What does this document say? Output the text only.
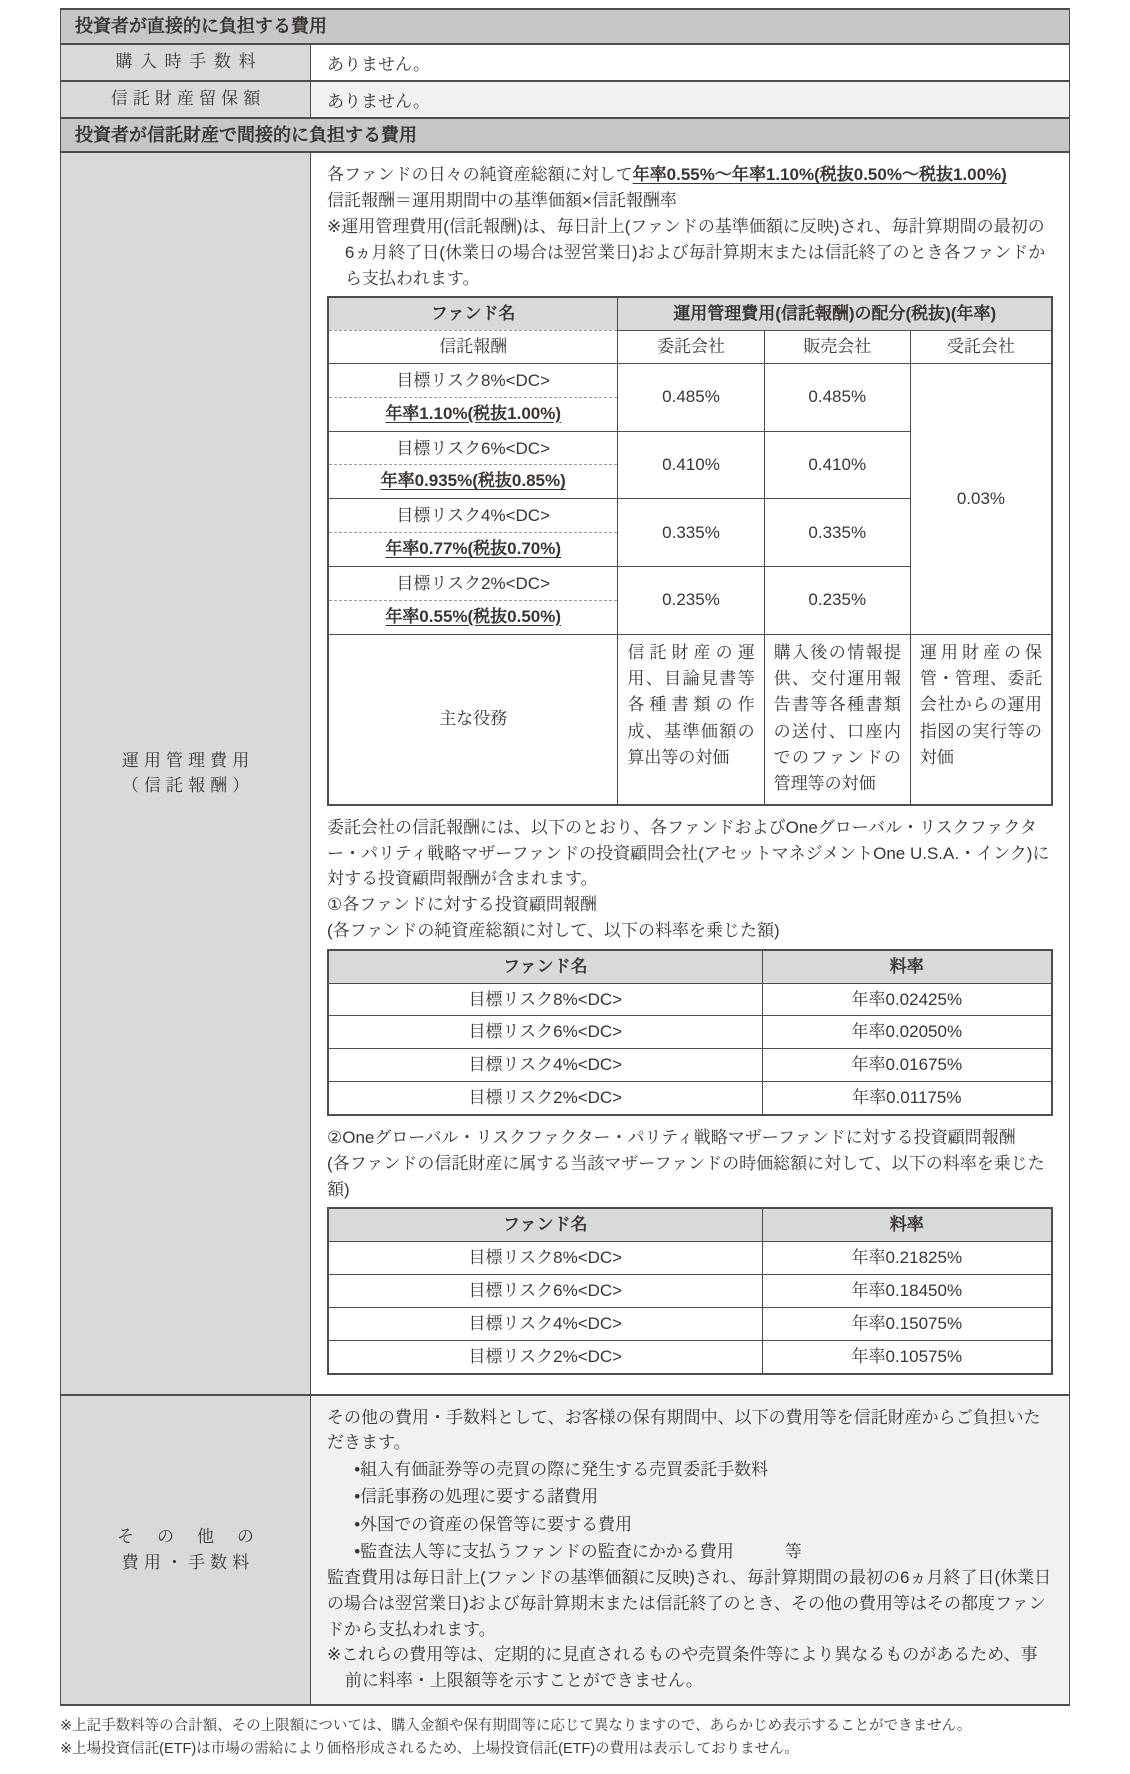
投資者が直接的に負担する費用
購入時手数料	ありません。
信託財産留保額	ありません。
投資者が信託財産で間接的に負担する費用
運用管理費用
（信託報酬）

各ファンドの日々の純資産総額に対して年率0.55%～年率1.10%(税抜0.50%～税抜1.00%)

信託報酬＝運用期間中の基準価額×信託報酬率

※運用管理費用(信託報酬)は、毎日計上(ファンドの基準価額に反映)され、毎計算期間の最初の6ヵ月終了日(休業日の場合は翌営業日)および毎計算期末または信託終了のとき各ファンドから支払われます。

ファンド名	運用管理費用(信託報酬)の配分(税抜)(年率)		
信託報酬	委託会社	販売会社	受託会社

目標リスク8%<DC>
年率1.10%(税抜1.00%)	0.485%	0.485%	0.03%

目標リスク6%<DC>
年率0.935%(税抜0.85%)	0.410%	0.410%	

目標リスク4%<DC>
年率0.77%(税抜0.70%)	0.335%	0.335%	

目標リスク2%<DC>
年率0.55%(税抜0.50%)	0.235%	0.235%	
主な役務	信託財産の運用、目論見書等各種書類の作成、基準価額の算出等の対価	購入後の情報提供、交付運用報告書等各種書類の送付、口座内でのファンドの管理等の対価	運用財産の保管・管理、委託会社からの運用指図の実行等の対価

委託会社の信託報酬には、以下のとおり、各ファンドおよびOneグローバル・リスクファクター・パリティ戦略マザーファンドの投資顧問会社(アセットマネジメントOne U.S.A.・インク)に対する投資顧問報酬が含まれます。

①各ファンドに対する投資顧問報酬

(各ファンドの純資産総額に対して、以下の料率を乗じた額)

ファンド名	料率
目標リスク8%<DC>	年率0.02425%
目標リスク6%<DC>	年率0.02050%
目標リスク4%<DC>	年率0.01675%
目標リスク2%<DC>	年率0.01175%

②Oneグローバル・リスクファクター・パリティ戦略マザーファンドに対する投資顧問報酬

(各ファンドの信託財産に属する当該マザーファンドの時価総額に対して、以下の料率を乗じた額)

ファンド名	料率
目標リスク8%<DC>	年率0.21825%
目標リスク6%<DC>	年率0.18450%
目標リスク4%<DC>	年率0.15075%
目標リスク2%<DC>	年率0.10575%
その他の
費用・手数料

その他の費用・手数料として、お客様の保有期間中、以下の費用等を信託財産からご負担いただきます。

•組入有価証券等の売買の際に発生する売買委託手数料

•信託事務の処理に要する諸費用

•外国での資産の保管等に要する費用

•監査法人等に支払うファンドの監査にかかる費用　　　等

監査費用は毎日計上(ファンドの基準価額に反映)され、毎計算期間の最初の6ヵ月終了日(休業日の場合は翌営業日)および毎計算期末または信託終了のとき、その他の費用等はその都度ファンドから支払われます。

※これらの費用等は、定期的に見直されるものや売買条件等により異なるものがあるため、事前に料率・上限額等を示すことができません。

※上記手数料等の合計額、その上限額については、購入金額や保有期間等に応じて異なりますので、あらかじめ表示することができません。

※上場投資信託(ETF)は市場の需給により価格形成されるため、上場投資信託(ETF)の費用は表示しておりません。
